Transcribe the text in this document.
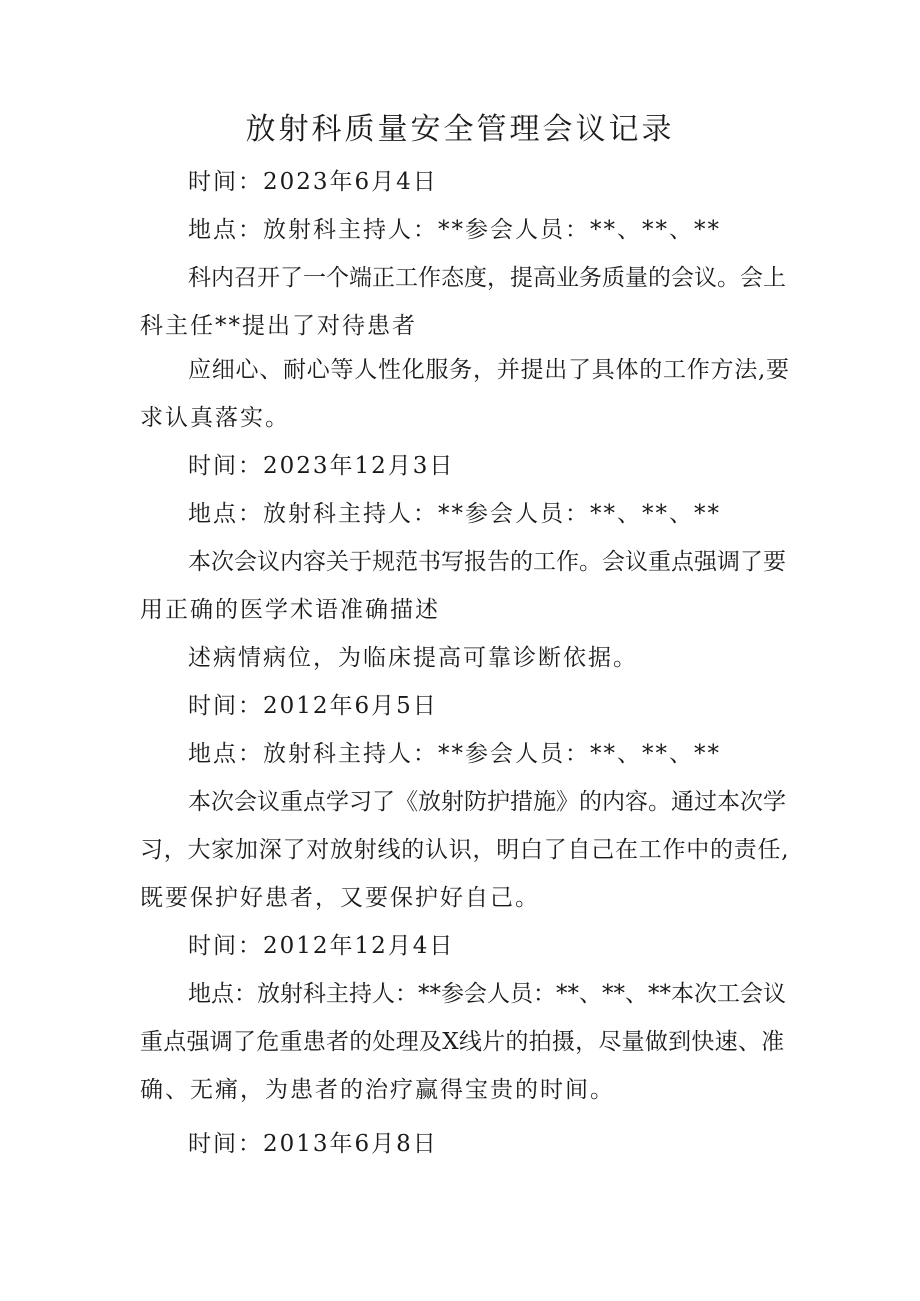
放射科质量安全管理会议记录
时间：2023年6月4日
地点：放射科主持人：**参会人员：**、**、**
科内召开了一个端正工作态度，提高业务质量的会议。会上
科主任**提出了对待患者
应细心、耐心等人性化服务，并提出了具体的工作方法,要
求认真落实。
时间：2023年12月3日
地点：放射科主持人：**参会人员：**、**、**
本次会议内容关于规范书写报告的工作。会议重点强调了要
用正确的医学术语准确描述
述病情病位，为临床提高可靠诊断依据。
时间：2012年6月5日
地点：放射科主持人：**参会人员：**、**、**
本次会议重点学习了《放射防护措施》的内容。通过本次学
习，大家加深了对放射线的认识，明白了自己在工作中的责任,
既要保护好患者，又要保护好自己。
时间：2012年12月4日
地点：放射科主持人：**参会人员：**、**、**本次工会议
重点强调了危重患者的处理及X线片的拍摄，尽量做到快速、准
确、无痛，为患者的治疗赢得宝贵的时间。
时间：2013年6月8日
